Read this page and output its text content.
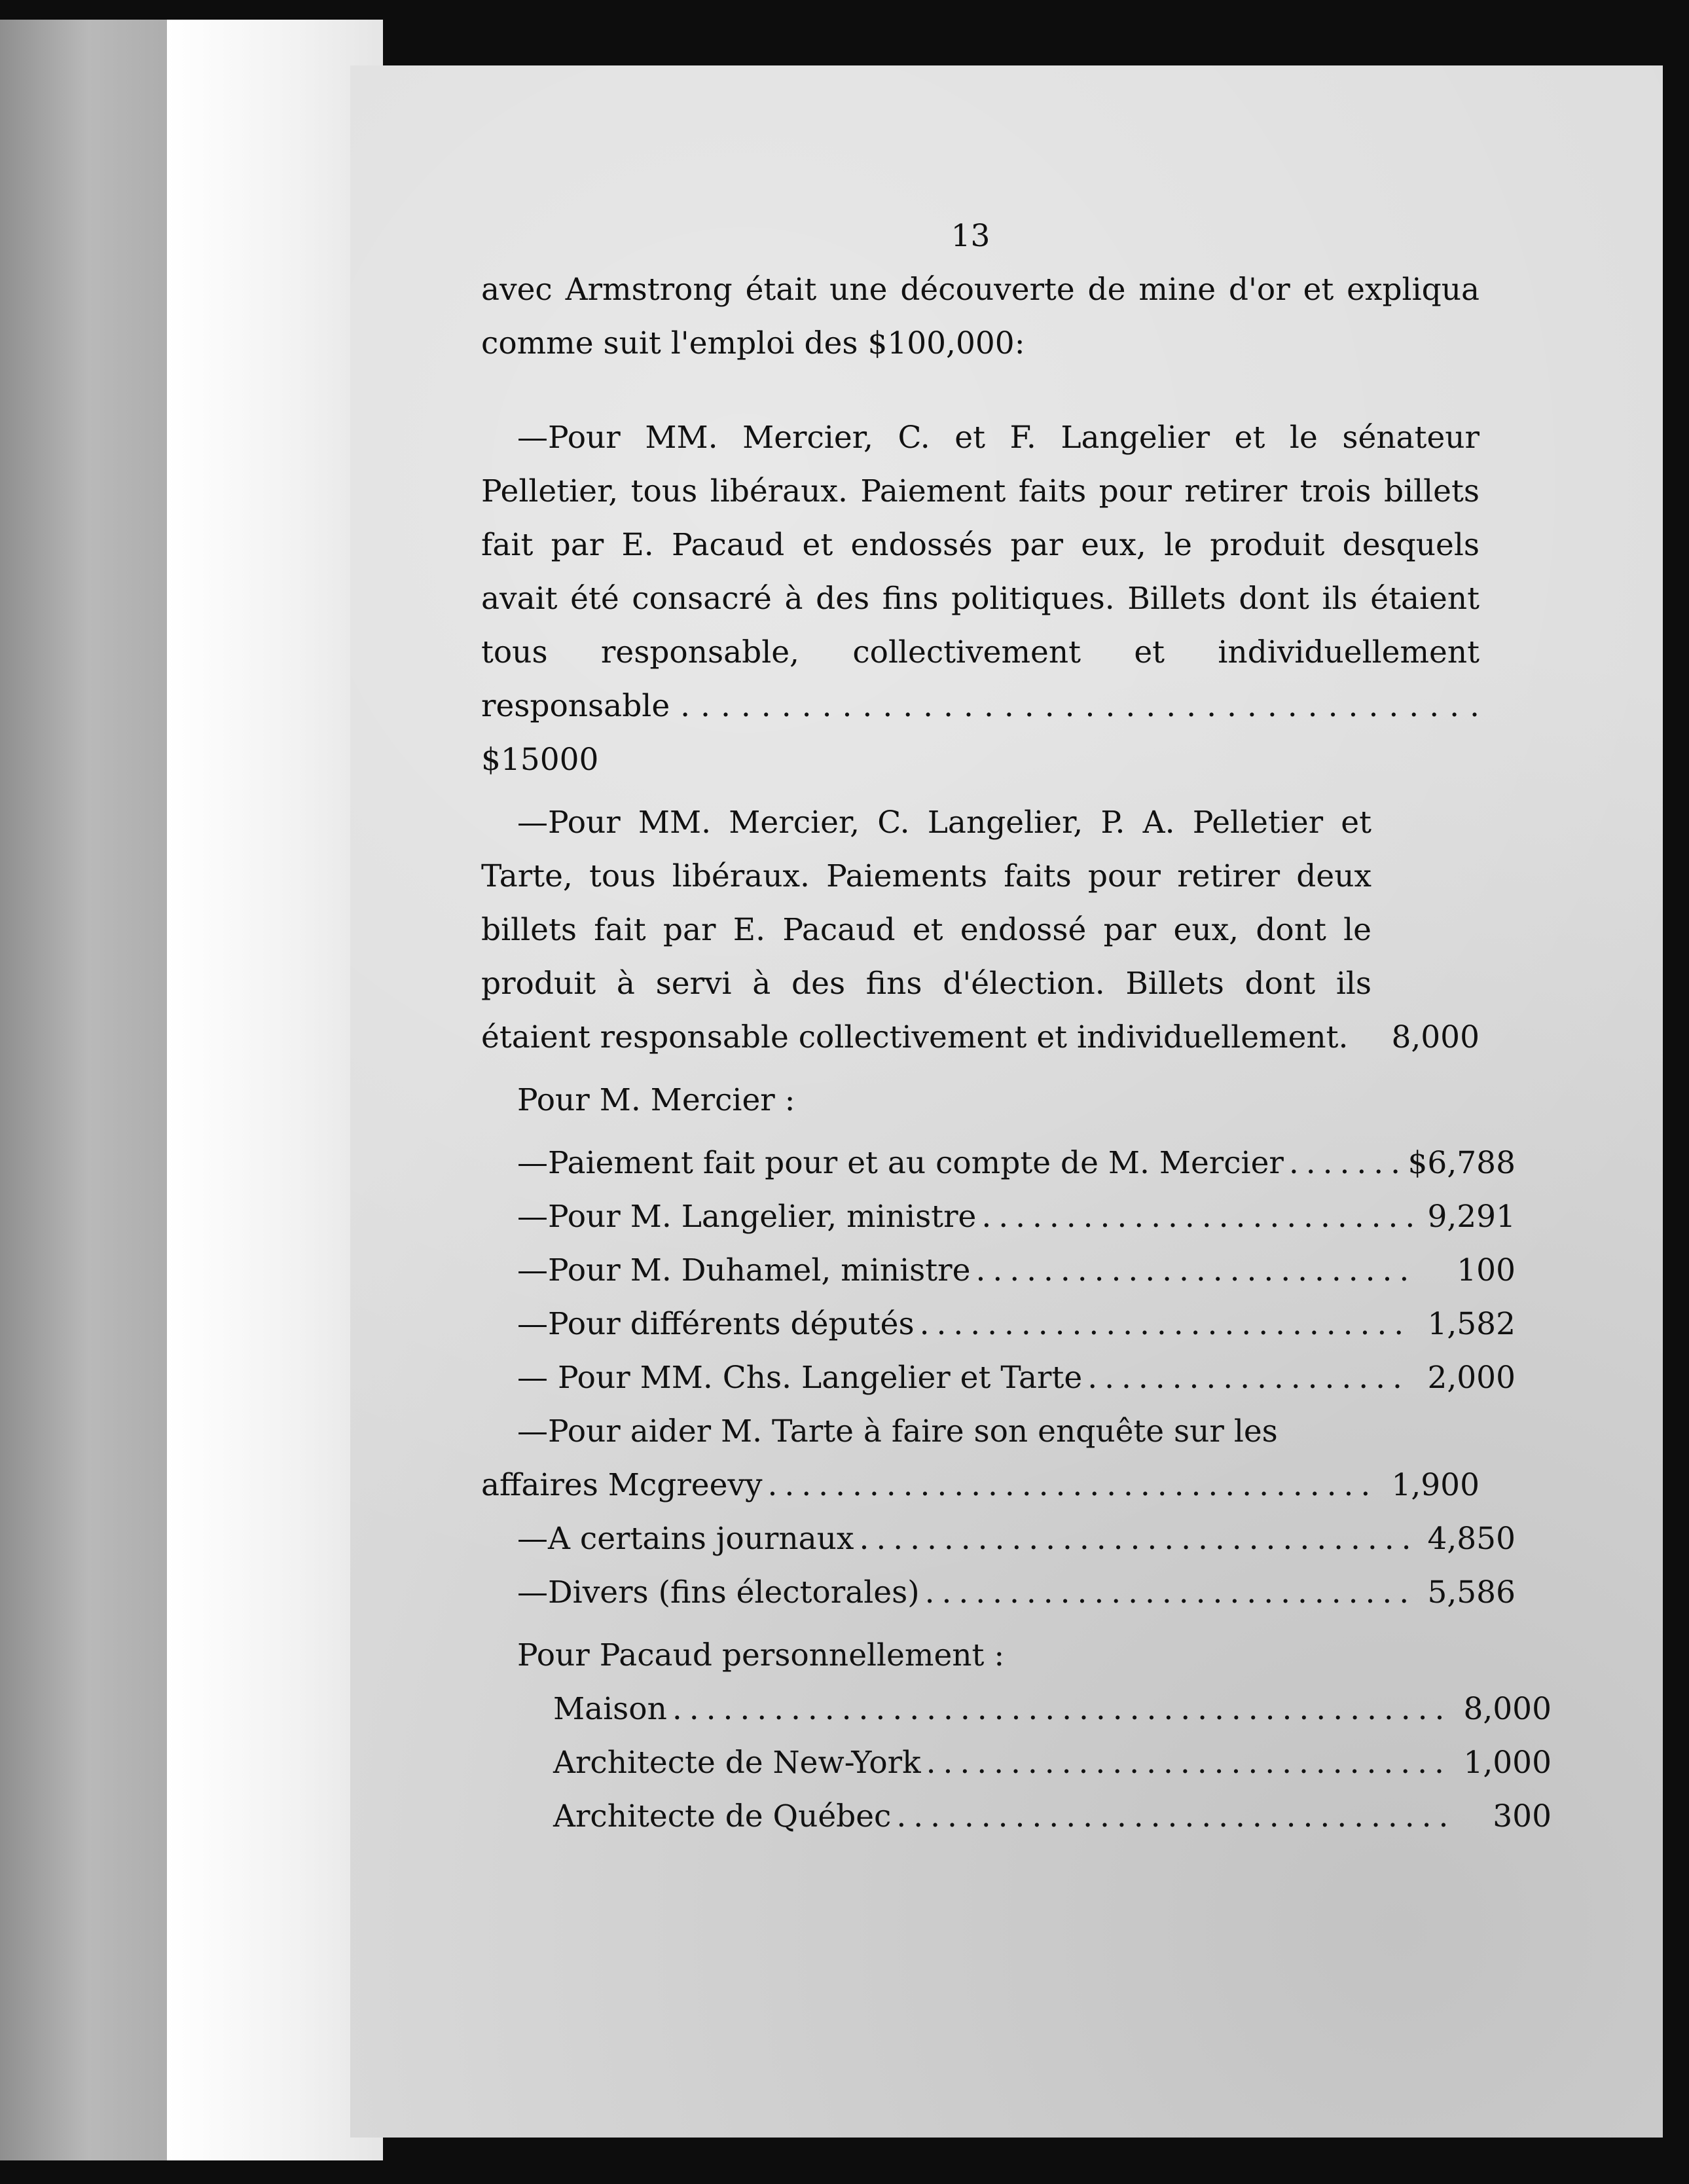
13
avec Armstrong était une découverte de mine d'or et expliqua comme suit l'emploi des $100,000:
—Pour MM. Mercier, C. et F. Langelier et le sénateur Pelletier, tous libéraux. Paiement faits pour retirer trois billets fait par E. Pacaud et endossés par eux, le produit desquels avait été consacré à des fins politiques. Billets dont ils étaient tous responsable, collectivement et individuellement responsable . . . . . . . . . . . . . . . . . . . . . . . . . . . . . . . . . . . . . . . . $15000
—Pour MM. Mercier, C. Langelier, P. A. Pelletier et Tarte, tous libéraux. Paiements faits pour retirer deux billets fait par E. Pacaud et endossé par eux, dont le produit à servi à des fins d'élection. Billets dont ils étaient responsable collectivement et individuellement.	8,000
Pour M. Mercier :
—Paiement fait pour et au compte de M. Mercier . . .	$6,788
—Pour M. Langelier, ministre . . .	9,291
—Pour M. Duhamel, ministre . . .	100
—Pour différents députés . . .	1,582
— Pour MM. Chs. Langelier et Tarte . . .	2,000
—Pour aider M. Tarte à faire son enquête sur les
affaires Mcgreevy . . .	1,900
—A certains journaux . . .	4,850
—Divers (fins électorales) . . .	5,586
Pour Pacaud personnellement :
Maison . . .	8,000
Architecte de New-York . . .	1,000
Architecte de Québec . . .	300
